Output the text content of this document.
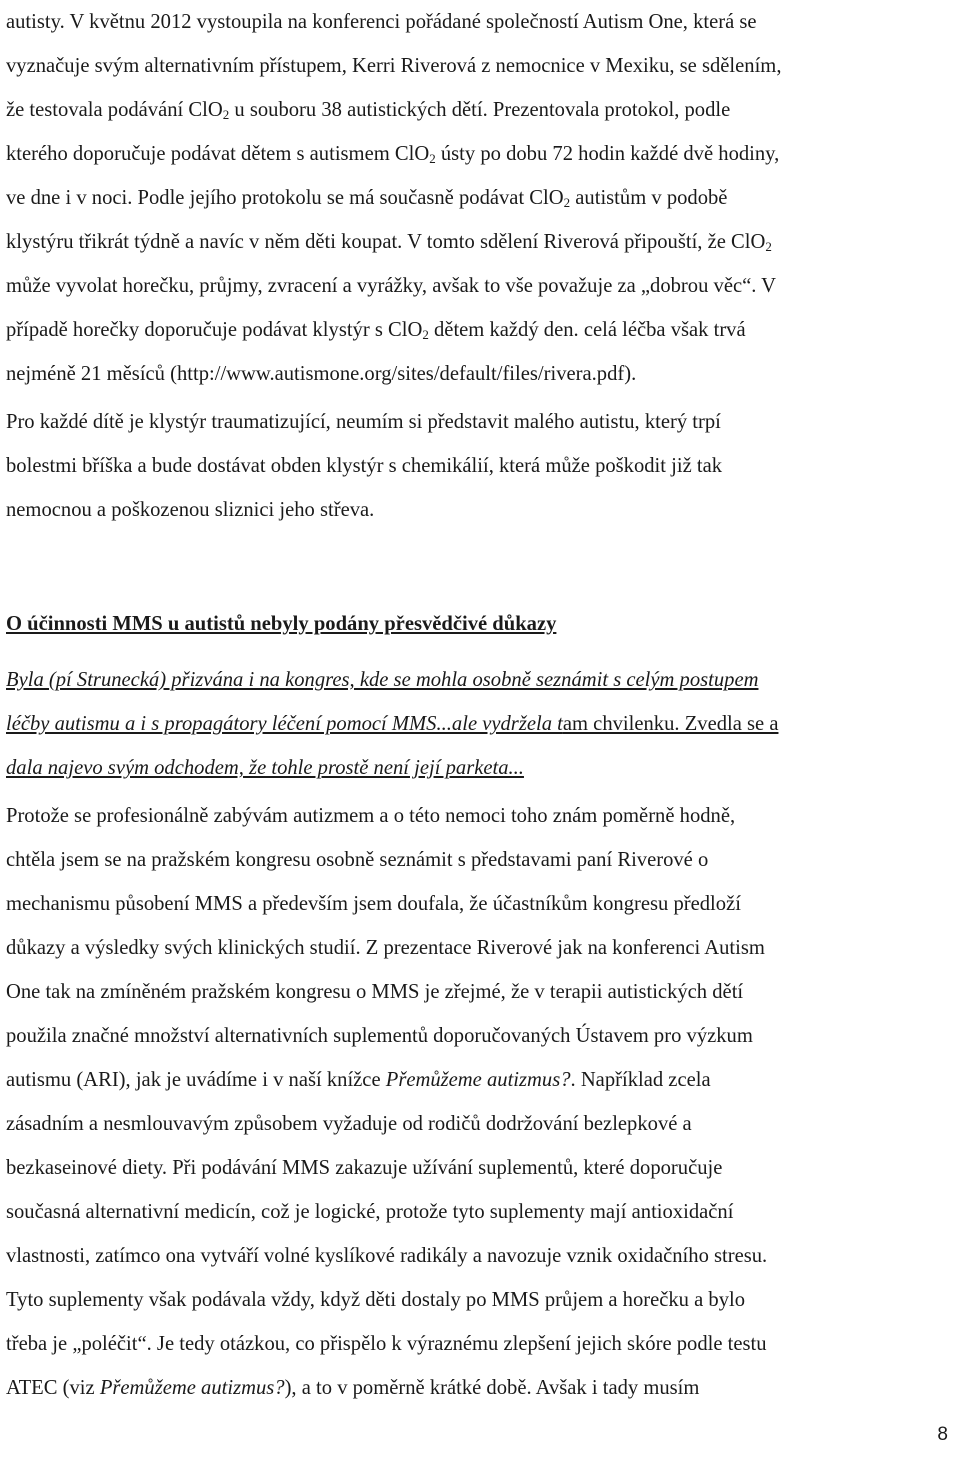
autisty. V květnu 2012 vystoupila na konferenci pořádané společností Autism One, která se
vyznačuje svým alternativním přístupem, Kerri Riverová z nemocnice v Mexiku, se sdělením,
že testovala podávání ClO$_2$ u souboru 38 autistických dětí. Prezentovala protokol, podle
kterého doporučuje podávat dětem s autismem ClO$_2$ ústy po dobu 72 hodin každé dvě hodiny,
ve dne i v noci. Podle jejího protokolu se má současně podávat ClO$_2$ autistům v podobě
klystýru třikrát týdně a navíc v něm děti koupat. V tomto sdělení Riverová připouští, že ClO$_2$
může vyvolat horečku, průjmy, zvracení a vyrážky, avšak to vše považuje za „dobrou věc“. V
případě horečky doporučuje podávat klystýr s ClO$_2$ dětem každý den. celá léčba však trvá
nejméně 21 měsíců (http://www.autismone.org/sites/default/files/rivera.pdf).
Pro každé dítě je klystýr traumatizující, neumím si představit malého autistu, který trpí
bolestmi bříška a bude dostávat obden klystýr s chemikálií, která může poškodit již tak
nemocnou a poškozenou sliznici jeho střeva.
O účinnosti MMS u autistů nebyly podány přesvědčivé důkazy
Byla (pí Strunecká) přizvána i na kongres, kde se mohla osobně seznámit s celým postupem
léčby autismu a i s propagátory léčení pomocí MMS...ale vydržela tam chvilenku. Zvedla se a
dala najevo svým odchodem, že tohle prostě není její parketa...
Protože se profesionálně zabývám autizmem a o této nemoci toho znám poměrně hodně,
chtěla jsem se na pražském kongresu osobně seznámit s představami paní Riverové o
mechanismu působení MMS a především jsem doufala, že účastníkům kongresu předloží
důkazy a výsledky svých klinických studií. Z prezentace Riverové jak na konferenci Autism
One tak na zmíněném pražském kongresu o MMS je zřejmé, že v terapii autistických dětí
použila značné množství alternativních suplementů doporučovaných Ústavem pro výzkum
autismu (ARI), jak je uvádíme i v naší knížce Přemůžeme autizmus?. Například zcela
zásadním a nesmlouvavým způsobem vyžaduje od rodičů dodržování bezlepkové a
bezkaseinové diety. Při podávání MMS zakazuje užívání suplementů, které doporučuje
současná alternativní medicín, což je logické, protože tyto suplementy mají antioxidační
vlastnosti, zatímco ona vytváří volné kyslíkové radikály a navozuje vznik oxidačního stresu.
Tyto suplementy však podávala vždy, když děti dostaly po MMS průjem a horečku a bylo
třeba je „poléčit“. Je tedy otázkou, co přispělo k výraznému zlepšení jejich skóre podle testu
ATEC (viz Přemůžeme autizmus?), a to v poměrně krátké době. Avšak i tady musím
8
